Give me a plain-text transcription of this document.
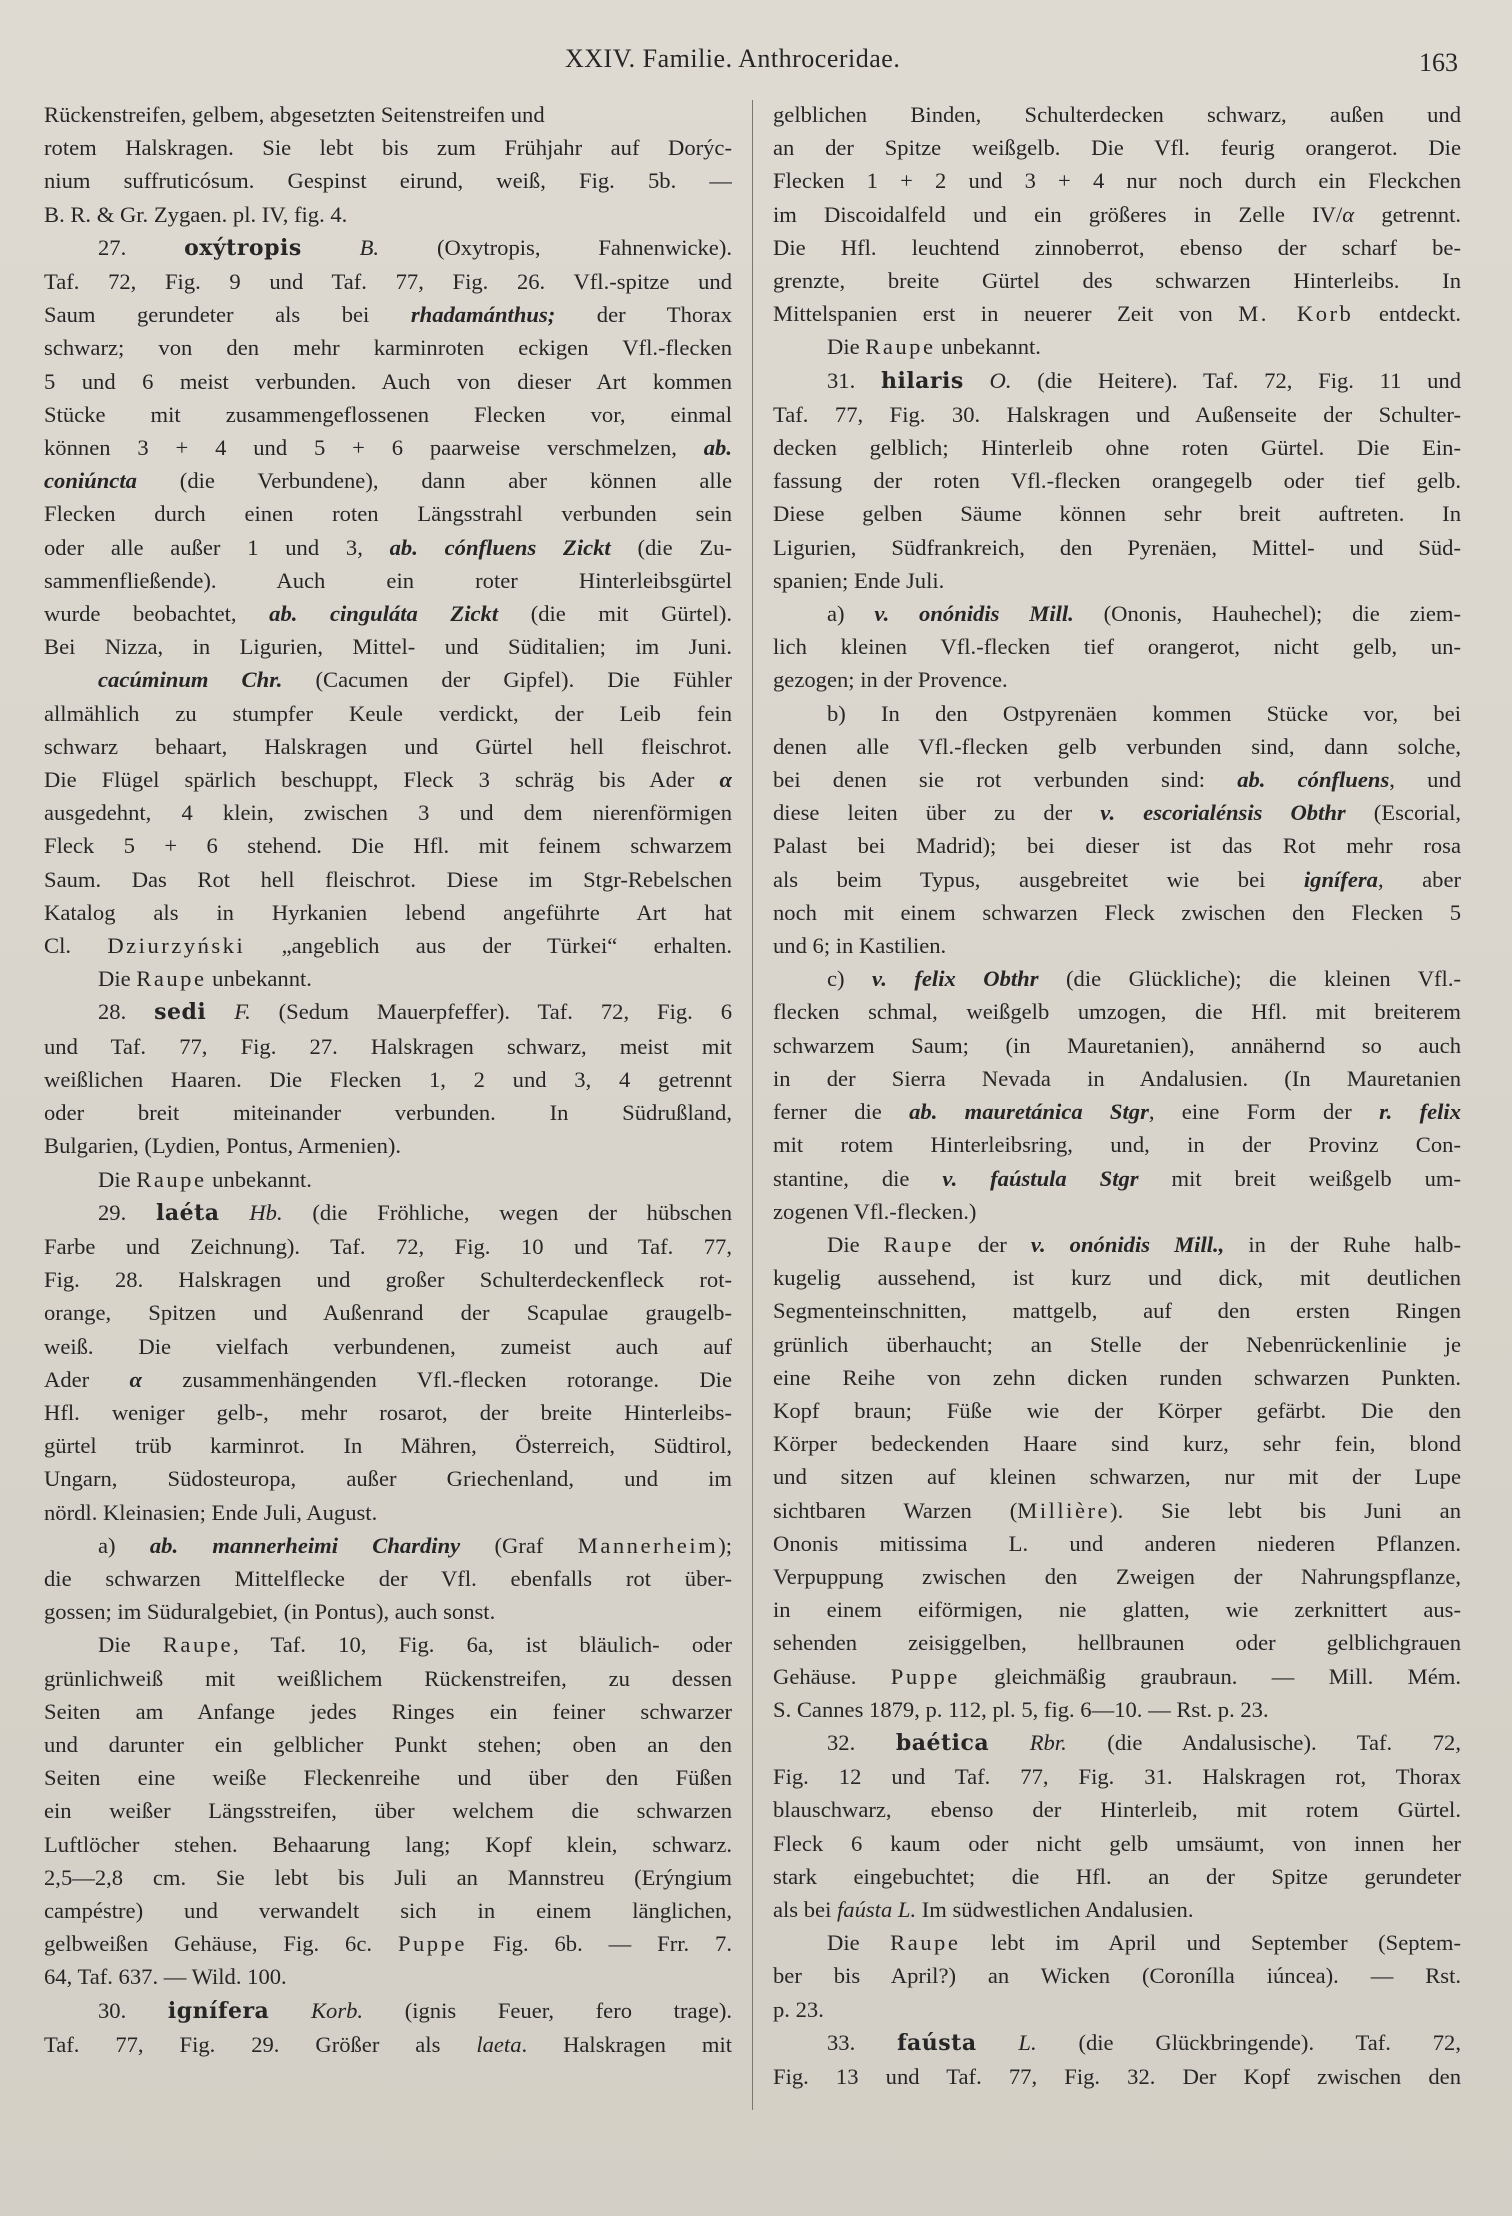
XXIV. Familie. Anthroceridae.	163

Rückenstreifen, gelbem, abgesetzten Seitenstreifen und

rotem Halskragen. Sie lebt bis zum Frühjahr auf Dorýc-

nium suffruticósum. Gespinst eirund, weiß, Fig. 5b. —

B. R. & Gr. Zygaen. pl. IV, fig. 4.

27. oxýtropis	B. (Oxytropis, Fahnenwicke).

Taf. 72, Fig. 9 und Taf. 77, Fig. 26. Vfl.-spitze und

Saum gerundeter als bei rhadamánthus; der Thorax

schwarz; von den mehr karminroten eckigen Vfl.-flecken

5 und 6 meist verbunden. Auch von dieser Art kommen

Stücke mit zusammengeflossenen Flecken vor, einmal

können 3 + 4 und 5 + 6 paarweise verschmelzen, ab.

coniúncta (die Verbundene), dann aber können alle

Flecken durch einen roten Längsstrahl verbunden sein

oder alle außer 1 und 3, ab. cónfluens Zickt (die Zu-

sammenfließende). Auch ein roter Hinterleibsgürtel

wurde beobachtet, ab. cinguláta Zickt (die mit Gürtel).

Bei Nizza, in Ligurien, Mittel- und Süditalien; im Juni.

cacúminum Chr. (Cacumen der Gipfel). Die Fühler

allmählich zu stumpfer Keule verdickt, der Leib fein

schwarz behaart, Halskragen und Gürtel hell fleischrot.

Die Flügel spärlich beschuppt, Fleck 3 schräg bis Ader α

ausgedehnt, 4 klein, zwischen 3 und dem nierenförmigen

Fleck 5 + 6 stehend. Die Hfl. mit feinem schwarzem

Saum. Das Rot hell fleischrot. Diese im Stgr-Rebelschen

Katalog als in Hyrkanien lebend angeführte Art hat

Cl. Dziurzyński „angeblich aus der Türkei“ erhalten.

Die Raupe unbekannt.

28. sedi F. (Sedum Mauerpfeffer). Taf. 72, Fig. 6

und Taf. 77, Fig. 27. Halskragen schwarz, meist mit

weißlichen Haaren. Die Flecken 1, 2 und 3, 4 getrennt

oder breit miteinander verbunden. In Südrußland,

Bulgarien, (Lydien, Pontus, Armenien).

Die Raupe unbekannt.

29. laéta Hb. (die Fröhliche, wegen der hübschen

Farbe und Zeichnung). Taf. 72, Fig. 10 und Taf. 77,

Fig. 28. Halskragen und großer Schulterdeckenfleck rot-

orange, Spitzen und Außenrand der Scapulae graugelb-

weiß. Die vielfach verbundenen, zumeist auch auf

Ader α zusammenhängenden Vfl.-flecken rotorange. Die

Hfl. weniger gelb-, mehr rosarot, der breite Hinterleibs-

gürtel trüb karminrot. In Mähren, Österreich, Südtirol,

Ungarn, Südosteuropa, außer Griechenland, und im

nördl. Kleinasien; Ende Juli, August.

a) ab. mannerheimi Chardiny (Graf Mannerheim);

die schwarzen Mittelflecke der Vfl. ebenfalls rot über-

gossen; im Süduralgebiet, (in Pontus), auch sonst.

Die Raupe, Taf. 10, Fig. 6a, ist bläulich- oder

grünlichweiß mit weißlichem Rückenstreifen, zu dessen

Seiten am Anfange jedes Ringes ein feiner schwarzer

und darunter ein gelblicher Punkt stehen; oben an den

Seiten eine weiße Fleckenreihe und über den Füßen

ein weißer Längsstreifen, über welchem die schwarzen

Luftlöcher stehen. Behaarung lang; Kopf klein, schwarz.

2,5—2,8 cm. Sie lebt bis Juli an Mannstreu (Erýngium

campéstre) und verwandelt sich in einem länglichen,

gelbweißen Gehäuse, Fig. 6c. Puppe Fig. 6b. — Frr. 7.

64, Taf. 637. — Wild. 100.

30. ignífera Korb. (ignis Feuer, fero trage).

Taf. 77, Fig. 29. Größer als laeta. Halskragen mit

gelblichen Binden, Schulterdecken schwarz, außen und

an der Spitze weißgelb. Die Vfl. feurig orangerot. Die

Flecken 1 + 2 und 3 + 4 nur noch durch ein Fleckchen

im Discoidalfeld und ein größeres in Zelle IV/α getrennt.

Die Hfl. leuchtend zinnoberrot, ebenso der scharf be-

grenzte, breite Gürtel des schwarzen Hinterleibs. In

Mittelspanien erst in neuerer Zeit von M. Korb entdeckt.

Die Raupe unbekannt.

31. hilaris O. (die Heitere). Taf. 72, Fig. 11 und

Taf. 77, Fig. 30. Halskragen und Außenseite der Schulter-

decken gelblich; Hinterleib ohne roten Gürtel. Die Ein-

fassung der roten Vfl.-flecken orangegelb oder tief gelb.

Diese gelben Säume können sehr breit auftreten. In

Ligurien, Südfrankreich, den Pyrenäen, Mittel- und Süd-

spanien; Ende Juli.

a) v. onónidis Mill. (Ononis, Hauhechel); die ziem-

lich kleinen Vfl.-flecken tief orangerot, nicht gelb, un-

gezogen; in der Provence.

b) In den Ostpyrenäen kommen Stücke vor, bei

denen alle Vfl.-flecken gelb verbunden sind, dann solche,

bei denen sie rot verbunden sind: ab. cónfluens, und

diese leiten über zu der v. escorialénsis Obthr (Escorial,

Palast bei Madrid); bei dieser ist das Rot mehr rosa

als beim Typus, ausgebreitet wie bei ignífera, aber

noch mit einem schwarzen Fleck zwischen den Flecken 5

und 6; in Kastilien.

c) v. felix Obthr (die Glückliche); die kleinen Vfl.-

flecken schmal, weißgelb umzogen, die Hfl. mit breiterem

schwarzem Saum; (in Mauretanien), annähernd so auch

in der Sierra Nevada in Andalusien. (In Mauretanien

ferner die ab. mauretánica Stgr, eine Form der r. felix

mit rotem Hinterleibsring, und, in der Provinz Con-

stantine, die v. faústula Stgr mit breit weißgelb um-

zogenen Vfl.-flecken.)

Die Raupe der v. onónidis Mill., in der Ruhe halb-

kugelig aussehend, ist kurz und dick, mit deutlichen

Segmenteinschnitten, mattgelb, auf den ersten Ringen

grünlich überhaucht; an Stelle der Nebenrückenlinie je

eine Reihe von zehn dicken runden schwarzen Punkten.

Kopf braun; Füße wie der Körper gefärbt. Die den

Körper bedeckenden Haare sind kurz, sehr fein, blond

und sitzen auf kleinen schwarzen, nur mit der Lupe

sichtbaren Warzen (Millière). Sie lebt bis Juni an

Ononis mitissima L. und anderen niederen Pflanzen.

Verpuppung zwischen den Zweigen der Nahrungspflanze,

in einem eiförmigen, nie glatten, wie zerknittert aus-

sehenden zeisiggelben, hellbraunen oder gelblichgrauen

Gehäuse. Puppe gleichmäßig graubraun. — Mill. Mém.

S. Cannes 1879, p. 112, pl. 5, fig. 6—10. — Rst. p. 23.

32. baética Rbr. (die Andalusische). Taf. 72,

Fig. 12 und Taf. 77, Fig. 31. Halskragen rot, Thorax

blauschwarz, ebenso der Hinterleib, mit rotem Gürtel.

Fleck 6 kaum oder nicht gelb umsäumt, von innen her

stark eingebuchtet; die Hfl. an der Spitze gerundeter

als bei faústa L. Im südwestlichen Andalusien.

Die Raupe lebt im April und September (Septem-

ber bis April?) an Wicken (Coronílla iúncea). — Rst.

p. 23.

33. faústa L. (die Glückbringende). Taf. 72,

Fig. 13 und Taf. 77, Fig. 32. Der Kopf zwischen den
